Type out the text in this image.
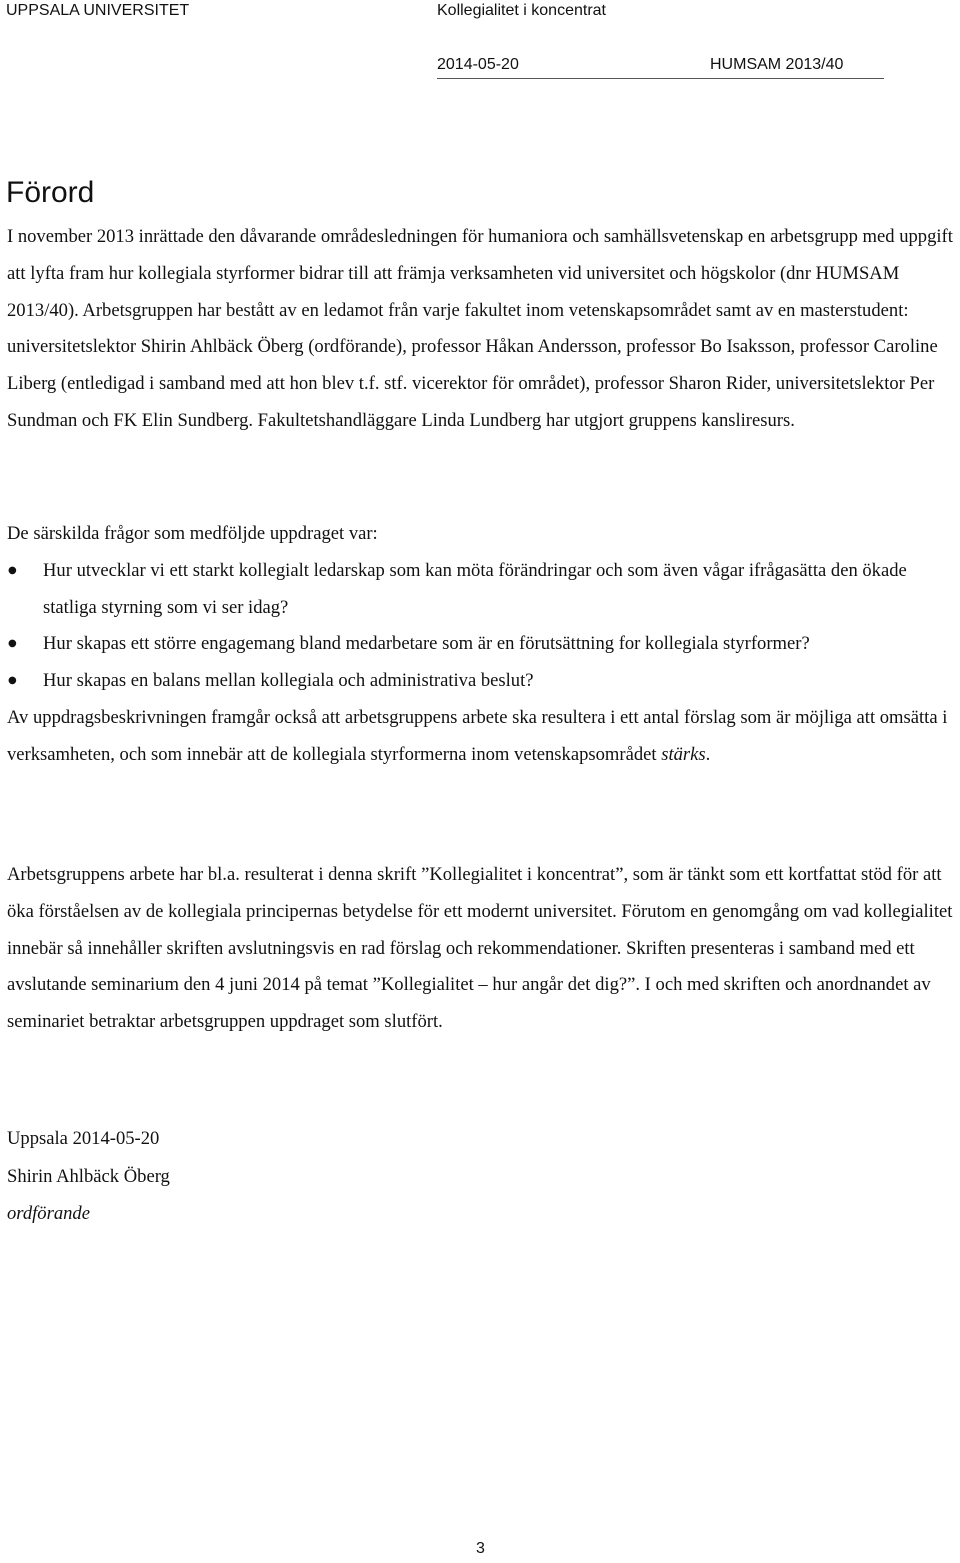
UPPSALA UNIVERSITET	Kollegialitet i koncentrat
2014-05-20	HUMSAM 2013/40
Förord

I november 2013 inrättade den dåvarande områdesledningen för humaniora och samhällsvetenskap en arbetsgrupp med uppgift att lyfta fram hur kollegiala styrformer bidrar till att främja verksamheten vid universitet och högskolor (dnr HUMSAM 2013/40). Arbetsgruppen har bestått av en ledamot från varje fakultet inom vetenskapsområdet samt av en masterstudent: universitetslektor Shirin Ahlbäck Öberg (ordförande), professor Håkan Andersson, professor Bo Isaksson, professor Caroline Liberg (entledigad i samband med att hon blev t.f. stf. vicerektor för området), professor Sharon Rider, universitetslektor Per Sundman och FK Elin Sundberg. Fakultetshandläggare Linda Lundberg har utgjort gruppens kansliresurs.

De särskilda frågor som medföljde uppdraget var:

● Hur utvecklar vi ett starkt kollegialt ledarskap som kan möta förändringar och som även vågar ifrågasätta den ökade statliga styrning som vi ser idag?
● Hur skapas ett större engagemang bland medarbetare som är en förutsättning for kollegiala styrformer?
● Hur skapas en balans mellan kollegiala och administrativa beslut?

Av uppdragsbeskrivningen framgår också att arbetsgruppens arbete ska resultera i ett antal förslag som är möjliga att omsätta i verksamheten, och som innebär att de kollegiala styrformerna inom vetenskapsområdet stärks.

Arbetsgruppens arbete har bl.a. resulterat i denna skrift ”Kollegialitet i koncentrat”, som är tänkt som ett kortfattat stöd för att öka förståelsen av de kollegiala principernas betydelse för ett modernt universitet. Förutom en genomgång om vad kollegialitet innebär så innehåller skriften avslutningsvis en rad förslag och rekommendationer. Skriften presenteras i samband med ett avslutande seminarium den 4 juni 2014 på temat ”Kollegialitet – hur angår det dig?”. I och med skriften och anordnandet av seminariet betraktar arbetsgruppen uppdraget som slutfört.

Uppsala 2014-05-20
Shirin Ahlbäck Öberg
ordförande
3
